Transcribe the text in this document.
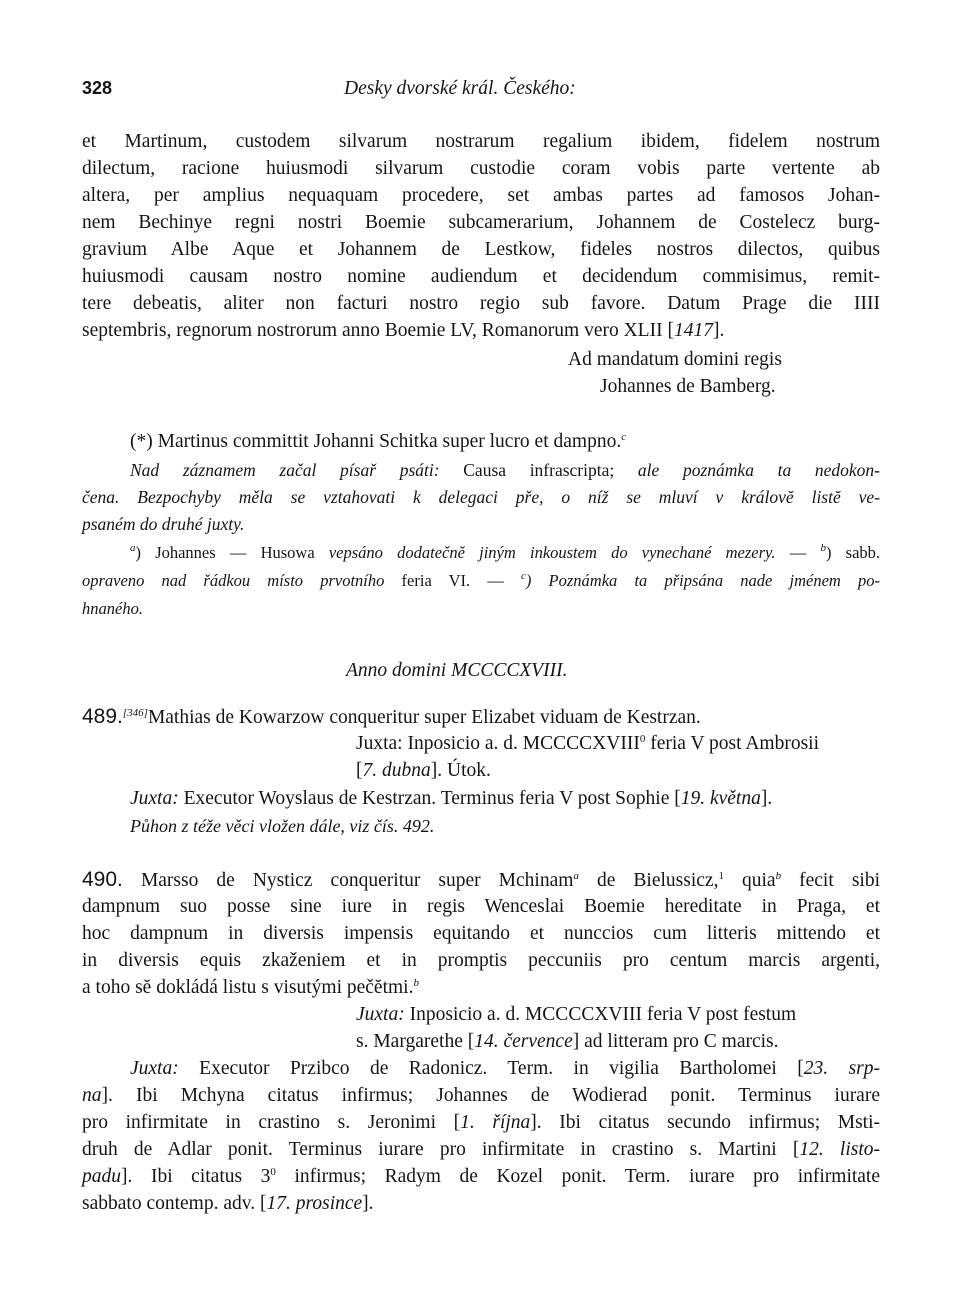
328	Desky dvorské král. Českého:
et Martinum, custodem silvarum nostrarum regalium ibidem, fidelem nostrum
dilectum, racione huiusmodi silvarum custodie coram vobis parte vertente ab
altera, per amplius nequaquam procedere, set ambas partes ad famosos Johan-
nem Bechinye regni nostri Boemie subcamerarium, Johannem de Costelecz burg-
gravium Albe Aque et Johannem de Lestkow, fideles nostros dilectos, quibus
huiusmodi causam nostro nomine audiendum et decidendum commisimus, remit-
tere debeatis, aliter non facturi nostro regio sub favore. Datum Prage die IIII
septembris, regnorum nostrorum anno Boemie LV, Romanorum vero XLII [1417].
Ad mandatum domini regis
Johannes de Bamberg.
(*) Martinus committit Johanni Schitka super lucro et dampno.$^c$
Nad záznamem začal písař psáti: Causa infrascripta; ale poznámka ta nedokon-
čena. Bezpochyby měla se vztahovati k delegaci pře, o níž se mluví v královĕ listĕ ve-
psaném do druhé juxty.
$^a$) Johannes — Husowa vepsáno dodatečně jiným inkoustem do vynechané mezery. — $^b$) sabb.
opraveno nad řádkou místo prvotního feria VI. — $^c$) Poznámka ta připsána nade jménem po-
hnaného.
Anno domini MCCCCXVIII.
489.[346]Mathias de Kowarzow conqueritur super Elizabet viduam de Kestrzan.
Juxta: Inposicio a. d. MCCCCXVIII$^0$ feria V post Ambrosii
[7. dubna]. Útok.
Juxta: Executor Woyslaus de Kestrzan. Terminus feria V post Sophie [19. května].
Půhon z téže věci vložen dále, viz čís. 492.
490. Marsso de Nysticz conqueritur super Mchinam$^a$ de Bielussicz,$^1$ quia$^b$ fecit sibi
dampnum suo posse sine iure in regis Wenceslai Boemie hereditate in Praga, et
hoc dampnum in diversis impensis equitando et nunccios cum litteris mittendo et
in diversis equis zkaženiem et in promptis peccuniis pro centum marcis argenti,
a toho sĕ dokládá listu s visutými pečĕtmi.$^b$
Juxta: Inposicio a. d. MCCCCXVIII feria V post festum
s. Margarethe [14. července] ad litteram pro C marcis.
Juxta: Executor Przibco de Radonicz. Term. in vigilia Bartholomei [23. srp-
na]. Ibi Mchyna citatus infirmus; Johannes de Wodierad ponit. Terminus iurare
pro infirmitate in crastino s. Jeronimi [1. října]. Ibi citatus secundo infirmus; Msti-
druh de Adlar ponit. Terminus iurare pro infirmitate in crastino s. Martini [12. listo-
padu]. Ibi citatus $3^0$ infirmus; Radym de Kozel ponit. Term. iurare pro infirmitate
sabbato contemp. adv. [17. prosince].
